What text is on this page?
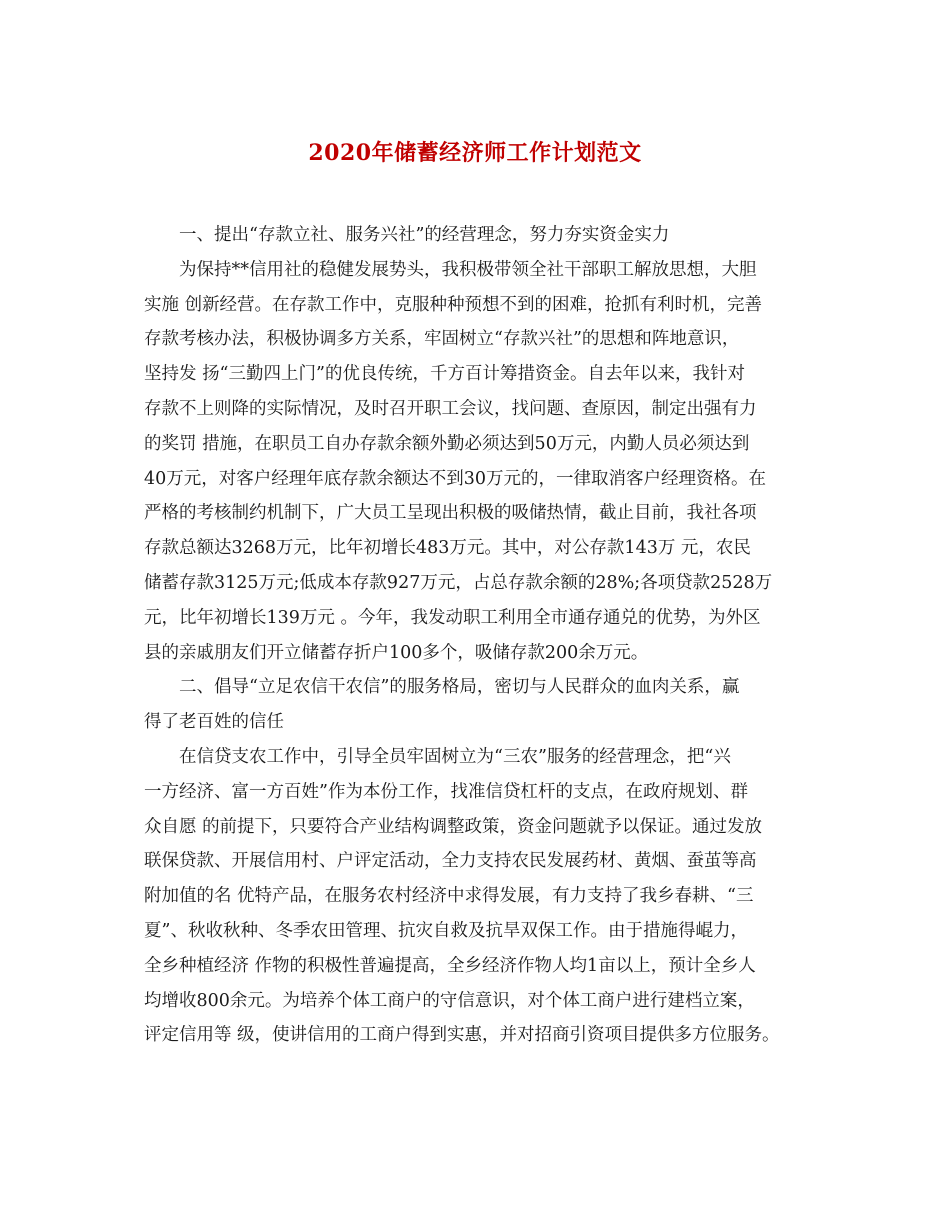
2020年储蓄经济师工作计划范文
一、提出“存款立社、服务兴社”的经营理念，努力夯实资金实力
为保持**信用社的稳健发展势头，我积极带领全社干部职工解放思想，大胆
实施 创新经营。在存款工作中，克服种种预想不到的困难，抢抓有利时机，完善
存款考核办法，积极协调多方关系，牢固树立“存款兴社”的思想和阵地意识，
坚持发 扬“三勤四上门”的优良传统，千方百计筹措资金。自去年以来，我针对
存款不上则降的实际情况，及时召开职工会议，找问题、查原因，制定出强有力
的奖罚 措施，在职员工自办存款余额外勤必须达到50万元，内勤人员必须达到
40万元，对客户经理年底存款余额达不到30万元的，一律取消客户经理资格。在
严格的考核制约机制下，广大员工呈现出积极的吸储热情，截止目前，我社各项
存款总额达3268万元，比年初增长483万元。其中，对公存款143万 元，农民
储蓄存款3125万元;低成本存款927万元，占总存款余额的28%;各项贷款2528万
元，比年初增长139万元 。今年，我发动职工利用全市通存通兑的优势，为外区
县的亲戚朋友们开立储蓄存折户100多个，吸储存款200余万元。
二、倡导“立足农信干农信”的服务格局，密切与人民群众的血肉关系，赢
得了老百姓的信任
在信贷支农工作中，引导全员牢固树立为“三农”服务的经营理念，把“兴
一方经济、富一方百姓”作为本份工作，找准信贷杠杆的支点，在政府规划、群
众自愿 的前提下，只要符合产业结构调整政策，资金问题就予以保证。通过发放
联保贷款、开展信用村、户评定活动，全力支持农民发展药材、黄烟、蚕茧等高
附加值的名 优特产品，在服务农村经济中求得发展，有力支持了我乡春耕、“三
夏”、秋收秋种、冬季农田管理、抗灾自救及抗旱双保工作。由于措施得崐力，
全乡种植经济 作物的积极性普遍提高，全乡经济作物人均1亩以上，预计全乡人
均增收800余元。为培养个体工商户的守信意识，对个体工商户进行建档立案，
评定信用等 级，使讲信用的工商户得到实惠，并对招商引资项目提供多方位服务。
